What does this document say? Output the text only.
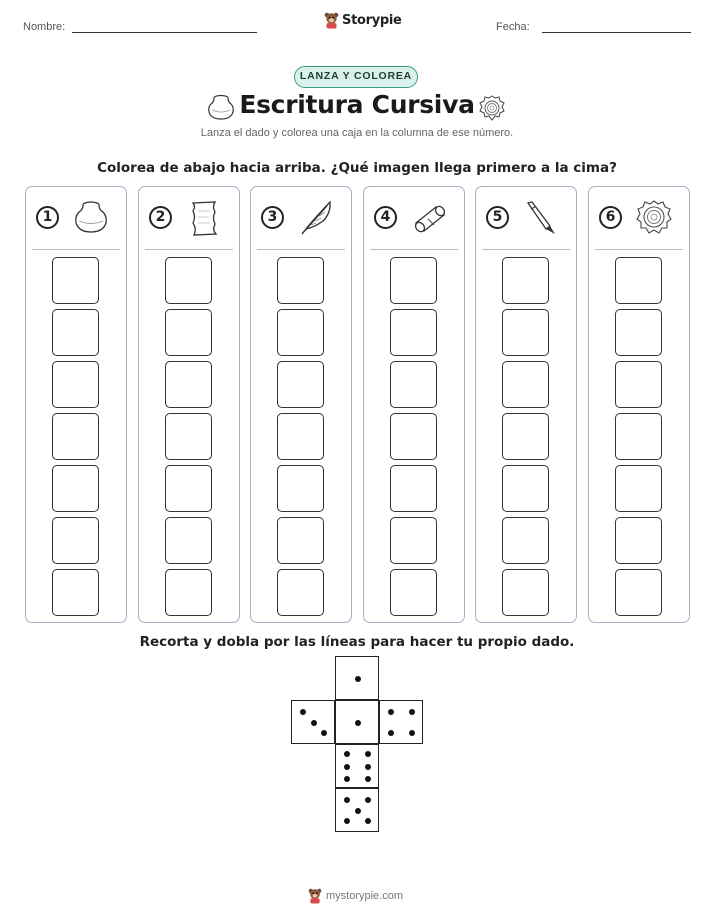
Nombre:	Storypie	Fecha:
LANZA Y COLOREA
Escritura Cursiva
Lanza el dado y colorea una caja en la columna de ese número.
Colorea de abajo hacia arriba. ¿Qué imagen llega primero a la cima?
1	2	3	4	5	6
Recorta y dobla por las líneas para hacer tu propio dado.
mystorypie.com
